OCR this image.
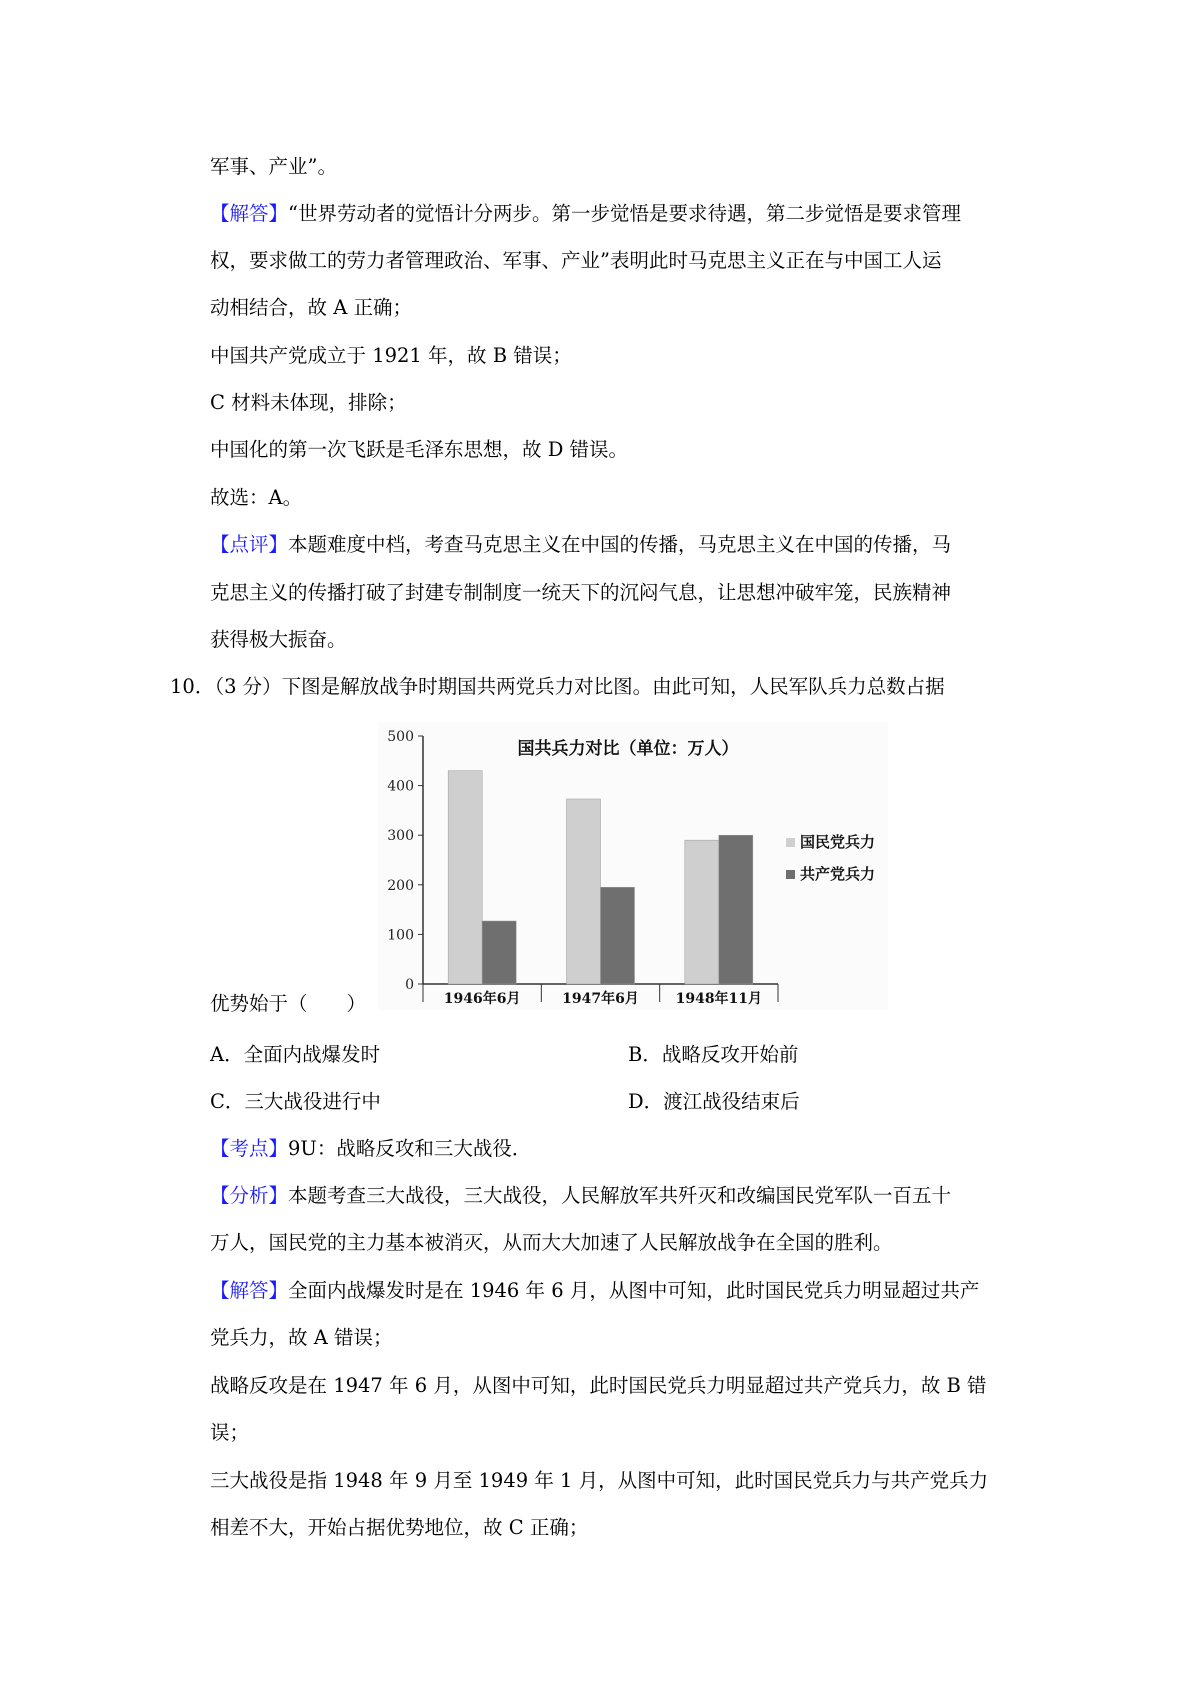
军事、产业”。
【解答】“世界劳动者的觉悟计分两步。第一步觉悟是要求待遇，第二步觉悟是要求管理
权，要求做工的劳力者管理政治、军事、产业”表明此时马克思主义正在与中国工人运
动相结合，故 A 正确；
中国共产党成立于 1921 年，故 B 错误；
C 材料未体现，排除；
中国化的第一次飞跃是毛泽东思想，故 D 错误。
故选：A。
【点评】本题难度中档，考查马克思主义在中国的传播，马克思主义在中国的传播，马
克思主义的传播打破了封建专制制度一统天下的沉闷气息，让思想冲破牢笼，民族精神
获得极大振奋。
10．（3 分）下图是解放战争时期国共两党兵力对比图。由此可知，人民军队兵力总数占据
0
100
200
300
400
500
国共兵力对比（单位：万人）
1946年6月	1947年6月	1948年11月
国民党兵力
共产党兵力
优势始于（　　）
A．全面内战爆发时	B．战略反攻开始前
C．三大战役进行中	D．渡江战役结束后
【考点】9U：战略反攻和三大战役．
【分析】本题考查三大战役，三大战役，人民解放军共歼灭和改编国民党军队一百五十
万人，国民党的主力基本被消灭，从而大大加速了人民解放战争在全国的胜利。
【解答】全面内战爆发时是在 1946 年 6 月，从图中可知，此时国民党兵力明显超过共产
党兵力，故 A 错误；
战略反攻是在 1947 年 6 月，从图中可知，此时国民党兵力明显超过共产党兵力，故 B 错
误；
三大战役是指 1948 年 9 月至 1949 年 1 月，从图中可知，此时国民党兵力与共产党兵力
相差不大，开始占据优势地位，故 C 正确；
